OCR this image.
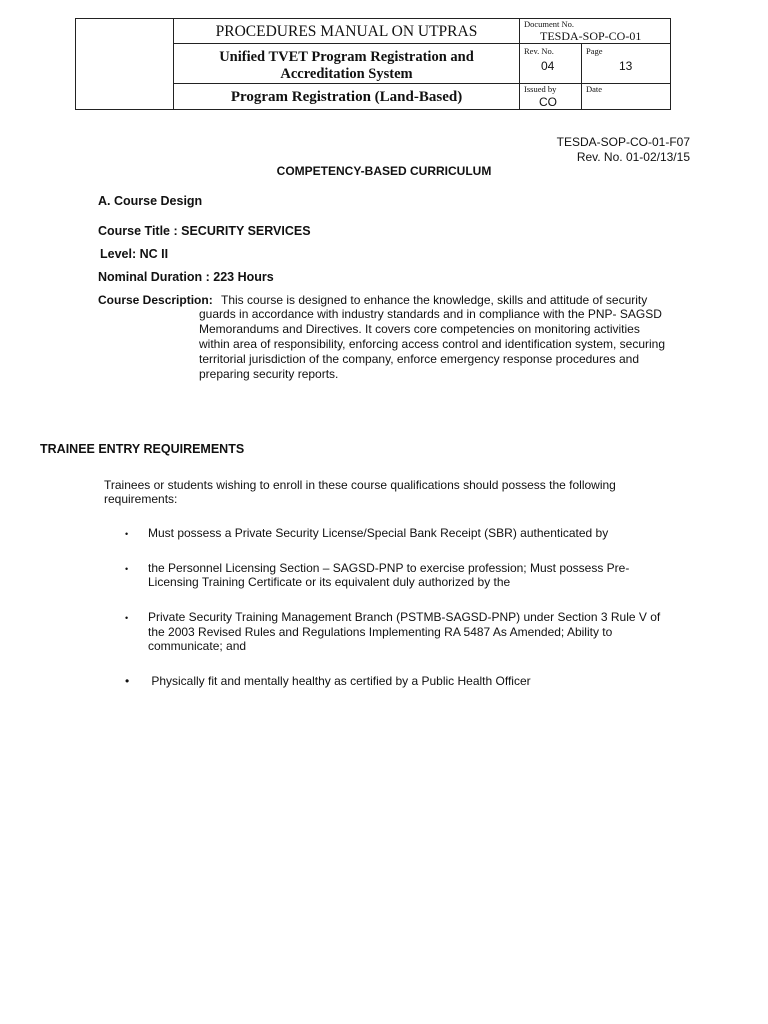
PROCEDURES MANUAL ON UTPRAS
Unified TVET Program Registration and
Accreditation System
Program Registration (Land-Based)
Document No.
TESDA-SOP-CO-01
Rev. No.
04
Page
13
Issued by
CO
Date
TESDA-SOP-CO-01-F07
Rev. No. 01-02/13/15
COMPETENCY-BASED CURRICULUM
A. Course Design
Course Title : SECURITY SERVICES
Level: NC II
Nominal Duration : 223 Hours
Course Description: This course is designed to enhance the knowledge, skills and attitude of security
guards in accordance with industry standards and in compliance with the PNP- SAGSD
Memorandums and Directives. It covers core competencies on monitoring activities
within area of responsibility, enforcing access control and identification system, securing
territorial jurisdiction of the company, enforce emergency response procedures and
preparing security reports.
TRAINEE ENTRY REQUIREMENTS
Trainees or students wishing to enroll in these course qualifications should possess the following
requirements:
• Must possess a Private Security License/Special Bank Receipt (SBR) authenticated by
• the Personnel Licensing Section – SAGSD-PNP to exercise profession; Must possess Pre-
Licensing Training Certificate or its equivalent duly authorized by the
• Private Security Training Management Branch (PSTMB-SAGSD-PNP) under Section 3 Rule V of
the 2003 Revised Rules and Regulations Implementing RA 5487 As Amended; Ability to
communicate; and
• Physically fit and mentally healthy as certified by a Public Health Officer
